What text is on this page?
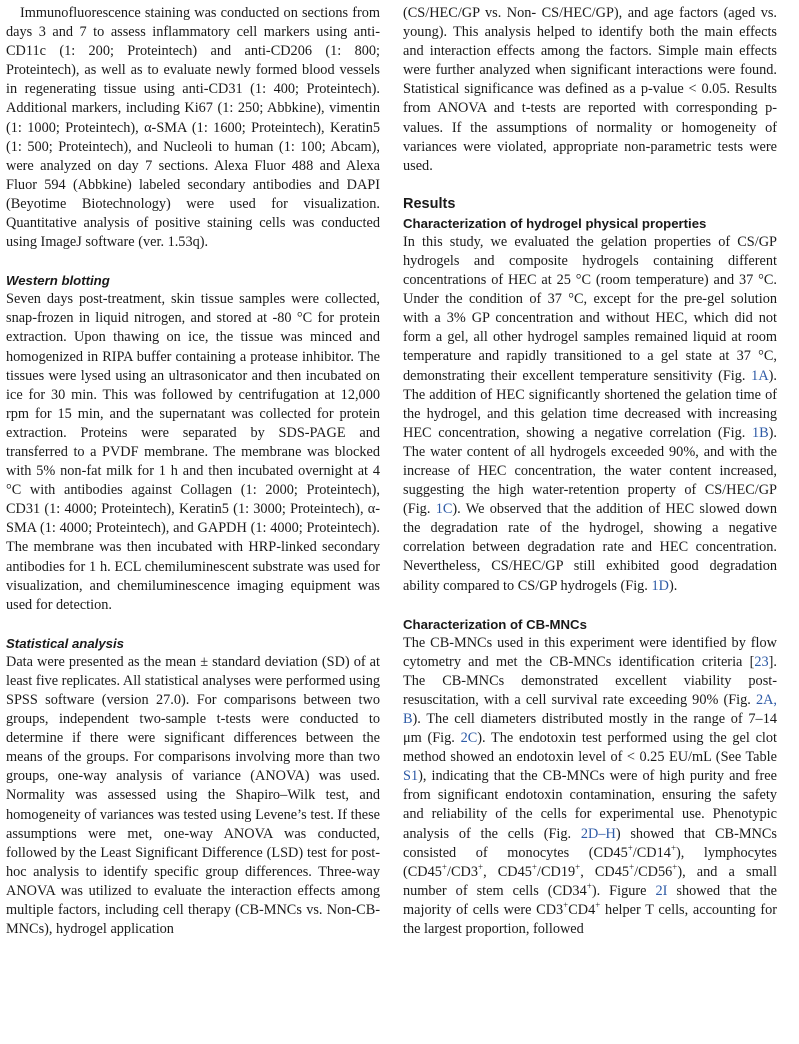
Immunofluorescence staining was conducted on sections from days 3 and 7 to assess inflammatory cell markers using anti-CD11c (1: 200; Proteintech) and anti-CD206 (1: 800; Proteintech), as well as to evaluate newly formed blood vessels in regenerating tissue using anti-CD31 (1: 400; Proteintech). Additional markers, including Ki67 (1: 250; Abbkine), vimentin (1: 1000; Proteintech), α-SMA (1: 1600; Proteintech), Keratin5 (1: 500; Proteintech), and Nucleoli to human (1: 100; Abcam), were analyzed on day 7 sections. Alexa Fluor 488 and Alexa Fluor 594 (Abbkine) labeled secondary antibodies and DAPI (Beyotime Biotechnology) were used for visualization. Quantitative analysis of positive staining cells was conducted using ImageJ software (ver. 1.53q).

Western blotting

Seven days post-treatment, skin tissue samples were collected, snap-frozen in liquid nitrogen, and stored at -80 °C for protein extraction. Upon thawing on ice, the tissue was minced and homogenized in RIPA buffer containing a protease inhibitor. The tissues were lysed using an ultrasonicator and then incubated on ice for 30 min. This was followed by centrifugation at 12,000 rpm for 15 min, and the supernatant was collected for protein extraction. Proteins were separated by SDS-PAGE and transferred to a PVDF membrane. The membrane was blocked with 5% non-fat milk for 1 h and then incubated overnight at 4 °C with antibodies against Collagen (1: 2000; Proteintech), CD31 (1: 4000; Proteintech), Keratin5 (1: 3000; Proteintech), α-SMA (1: 4000; Proteintech), and GAPDH (1: 4000; Proteintech). The membrane was then incubated with HRP-linked secondary antibodies for 1 h. ECL chemiluminescent substrate was used for visualization, and chemiluminescence imaging equipment was used for detection.

Statistical analysis

Data were presented as the mean ± standard deviation (SD) of at least five replicates. All statistical analyses were performed using SPSS software (version 27.0). For comparisons between two groups, independent two-sample t-tests were conducted to determine if there were significant differences between the means of the groups. For comparisons involving more than two groups, one-way analysis of variance (ANOVA) was used. Normality was assessed using the Shapiro–Wilk test, and homogeneity of variances was tested using Levene’s test. If these assumptions were met, one-way ANOVA was conducted, followed by the Least Significant Difference (LSD) test for post-hoc analysis to identify specific group differences. Three-way ANOVA was utilized to evaluate the interaction effects among multiple factors, including cell therapy (CB-MNCs vs. Non-CB-MNCs), hydrogel application

(CS/HEC/GP vs. Non- CS/HEC/GP), and age factors (aged vs. young). This analysis helped to identify both the main effects and interaction effects among the factors. Simple main effects were further analyzed when significant interactions were found. Statistical significance was defined as a p-value < 0.05. Results from ANOVA and t-tests are reported with corresponding p-values. If the assumptions of normality or homogeneity of variances were violated, appropriate non-parametric tests were used.

Results
Characterization of hydrogel physical properties

In this study, we evaluated the gelation properties of CS/GP hydrogels and composite hydrogels containing different concentrations of HEC at 25 °C (room temperature) and 37 °C. Under the condition of 37 °C, except for the pre-gel solution with a 3% GP concentration and without HEC, which did not form a gel, all other hydrogel samples remained liquid at room temperature and rapidly transitioned to a gel state at 37 °C, demonstrating their excellent temperature sensitivity (Fig. 1A). The addition of HEC significantly shortened the gelation time of the hydrogel, and this gelation time decreased with increasing HEC concentration, showing a negative correlation (Fig. 1B). The water content of all hydrogels exceeded 90%, and with the increase of HEC concentration, the water content increased, suggesting the high water-retention property of CS/HEC/GP (Fig. 1C). We observed that the addition of HEC slowed down the degradation rate of the hydrogel, showing a negative correlation between degradation rate and HEC concentration. Nevertheless, CS/HEC/GP still exhibited good degradation ability compared to CS/GP hydrogels (Fig. 1D).

Characterization of CB-MNCs

The CB-MNCs used in this experiment were identified by flow cytometry and met the CB-MNCs identification criteria [23]. The CB-MNCs demonstrated excellent viability post-resuscitation, with a cell survival rate exceeding 90% (Fig. 2A, B). The cell diameters distributed mostly in the range of 7–14 μm (Fig. 2C). The endotoxin test performed using the gel clot method showed an endotoxin level of < 0.25 EU/mL (See Table S1), indicating that the CB-MNCs were of high purity and free from significant endotoxin contamination, ensuring the safety and reliability of the cells for experimental use. Phenotypic analysis of the cells (Fig. 2D–H) showed that CB-MNCs consisted of monocytes (CD45+/CD14+), lymphocytes (CD45+/CD3+, CD45+/CD19+, CD45+/CD56+), and a small number of stem cells (CD34+). Figure 2I showed that the majority of cells were CD3+CD4+ helper T cells, accounting for the largest proportion, followed
